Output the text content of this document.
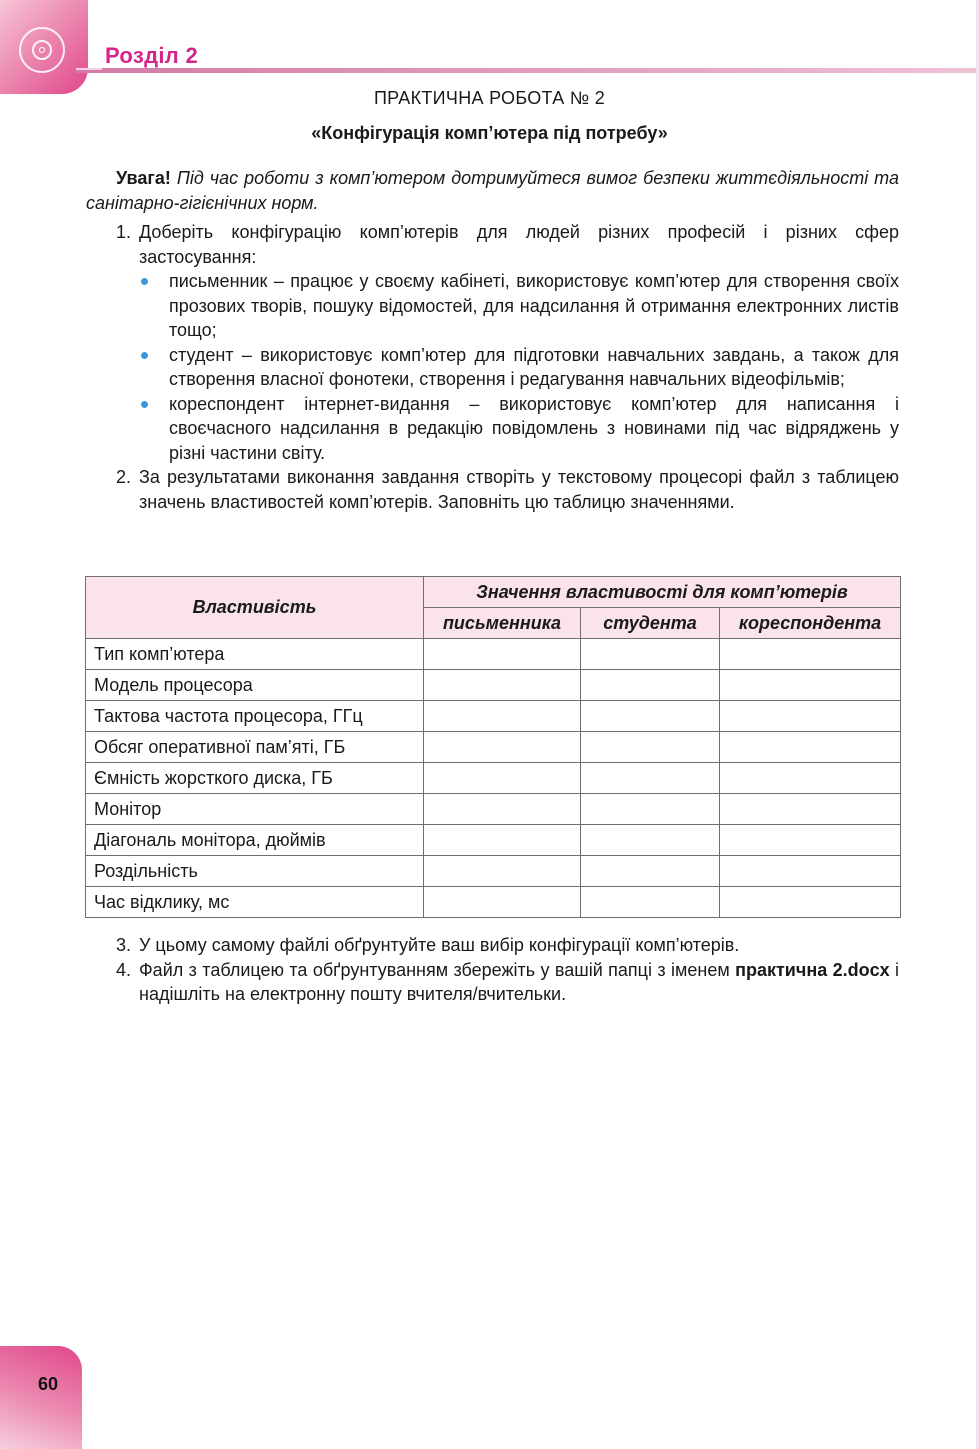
Розділ 2
ПРАКТИЧНА РОБОТА № 2
«Конфігурація комп’ютера під потребу»
Увага! Під час роботи з комп’ютером дотримуйтеся вимог безпеки життєдіяльності та санітарно-гігієнічних норм.
1. Доберіть конфігурацію комп’ютерів для людей різних професій і різних сфер застосування:
письменник – працює у своєму кабінеті, використовує комп’ютер для створення своїх прозових творів, пошуку відомостей, для надсилання й отримання електронних листів тощо;
студент – використовує комп’ютер для підготовки навчальних завдань, а також для створення власної фонотеки, створення і редагування навчальних відеофільмів;
кореспондент інтернет-видання – використовує комп’ютер для написання і своєчасного надсилання в редакцію повідомлень з новинами під час відряджень у різні частини світу.
2. За результатами виконання завдання створіть у текстовому процесорі файл з таблицею значень властивостей комп’ютерів. Заповніть цю таблицю значеннями.
Властивість	Значення властивості для комп’ютерів		
	письменника	студента	кореспондента
Тип комп’ютера			
Модель процесора			
Тактова частота процесора, ГГц			
Обсяг оперативної пам’яті, ГБ			
Ємність жорсткого диска, ГБ			
Монітор			
Діагональ монітора, дюймів			
Роздільність			
Час відклику, мс			
3. У цьому самому файлі обґрунтуйте ваш вибір конфігурації комп’ютерів.
4. Файл з таблицею та обґрунтуванням збережіть у вашій папці з іменем практична 2.docx і надішліть на електронну пошту вчителя/вчительки.
60
